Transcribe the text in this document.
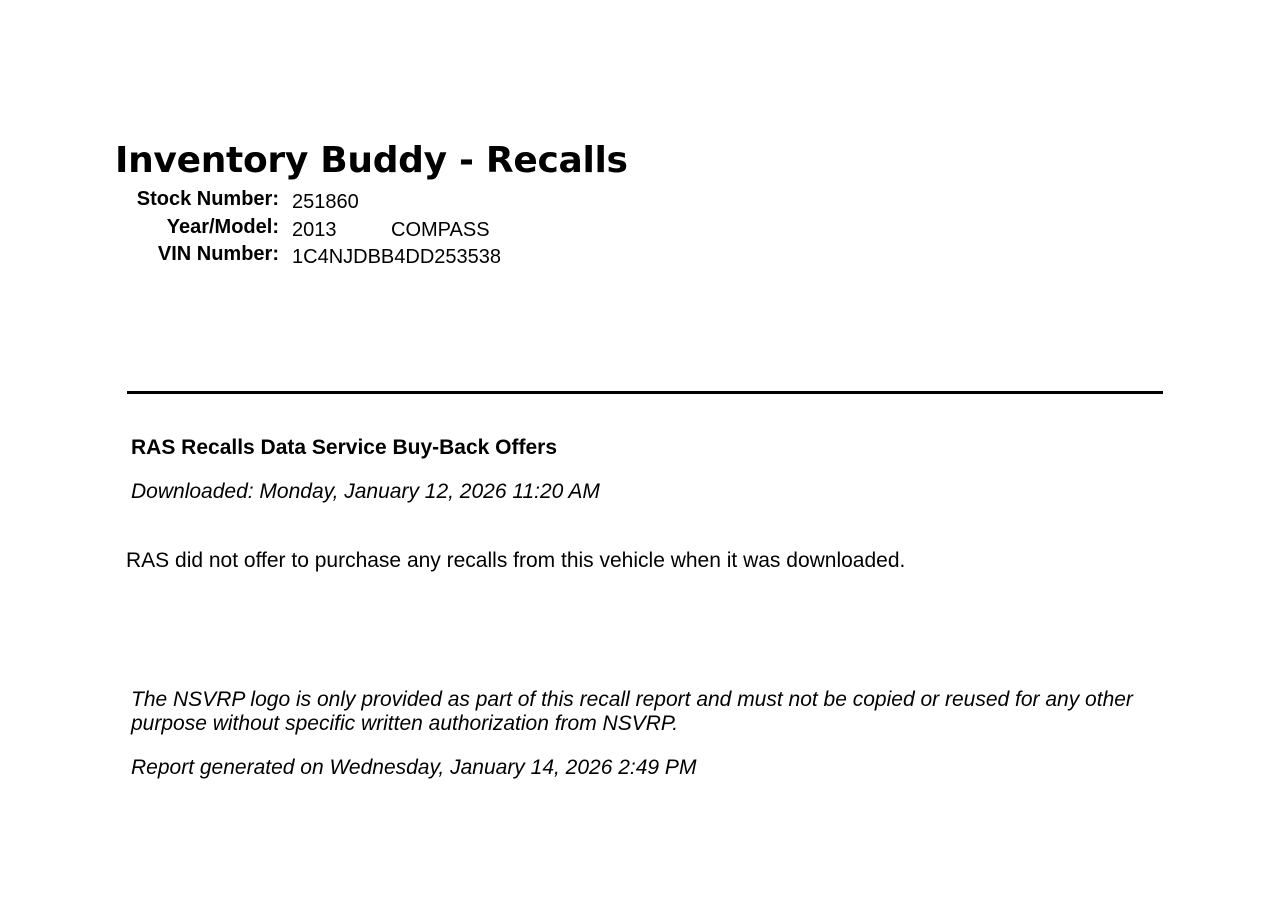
Inventory Buddy - Recalls
Stock Number: 251860
Year/Model: 2013	COMPASS
VIN Number: 1C4NJDBB4DD253538
RAS Recalls Data Service Buy-Back Offers
Downloaded: Monday, January 12, 2026 11:20 AM
RAS did not offer to purchase any recalls from this vehicle when it was downloaded.
The NSVRP logo is only provided as part of this recall report and must not be copied or reused for any other purpose without specific written authorization from NSVRP.
Report generated on Wednesday, January 14, 2026 2:49 PM
